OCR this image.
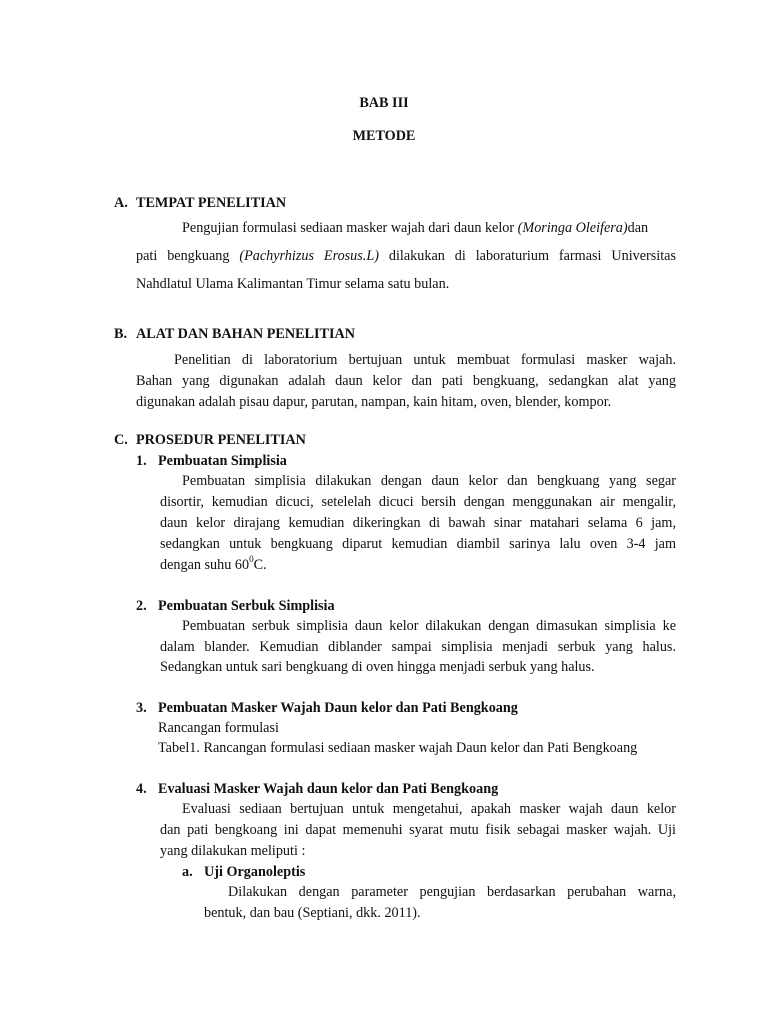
BAB III
METODE
A. TEMPAT PENELITIAN
Pengujian formulasi sediaan masker wajah dari daun kelor (Moringa Oleifera)dan
pati bengkuang (Pachyrhizus Erosus.L) dilakukan di laboraturium farmasi Universitas
Nahdlatul Ulama Kalimantan Timur selama satu bulan.
B. ALAT DAN BAHAN PENELITIAN
Penelitian di laboratorium bertujuan untuk membuat formulasi masker wajah.
Bahan yang digunakan adalah daun kelor dan pati bengkuang, sedangkan alat yang
digunakan adalah pisau dapur, parutan, nampan, kain hitam, oven, blender, kompor.
C. PROSEDUR PENELITIAN
1. Pembuatan Simplisia
Pembuatan simplisia dilakukan dengan daun kelor dan bengkuang yang segar
disortir, kemudian dicuci, setelelah dicuci bersih dengan menggunakan air mengalir,
daun kelor dirajang kemudian dikeringkan di bawah sinar matahari selama 6 jam,
sedangkan untuk bengkuang diparut kemudian diambil sarinya lalu oven 3-4 jam
dengan suhu $60^0C$.
2. Pembuatan Serbuk Simplisia
Pembuatan serbuk simplisia daun kelor dilakukan dengan dimasukan simplisia ke
dalam blander. Kemudian diblander sampai simplisia menjadi serbuk yang halus.
Sedangkan untuk sari bengkuang di oven hingga menjadi serbuk yang halus.
3. Pembuatan Masker Wajah Daun kelor dan Pati Bengkoang
Rancangan formulasi
Tabel1. Rancangan formulasi sediaan masker wajah Daun kelor dan Pati Bengkoang
4. Evaluasi Masker Wajah daun kelor dan Pati Bengkoang
Evaluasi sediaan bertujuan untuk mengetahui, apakah masker wajah daun kelor
dan pati bengkoang ini dapat memenuhi syarat mutu fisik sebagai masker wajah. Uji
yang dilakukan meliputi :
a. Uji Organoleptis
Dilakukan dengan parameter pengujian berdasarkan perubahan warna,
bentuk, dan bau (Septiani, dkk. 2011).
